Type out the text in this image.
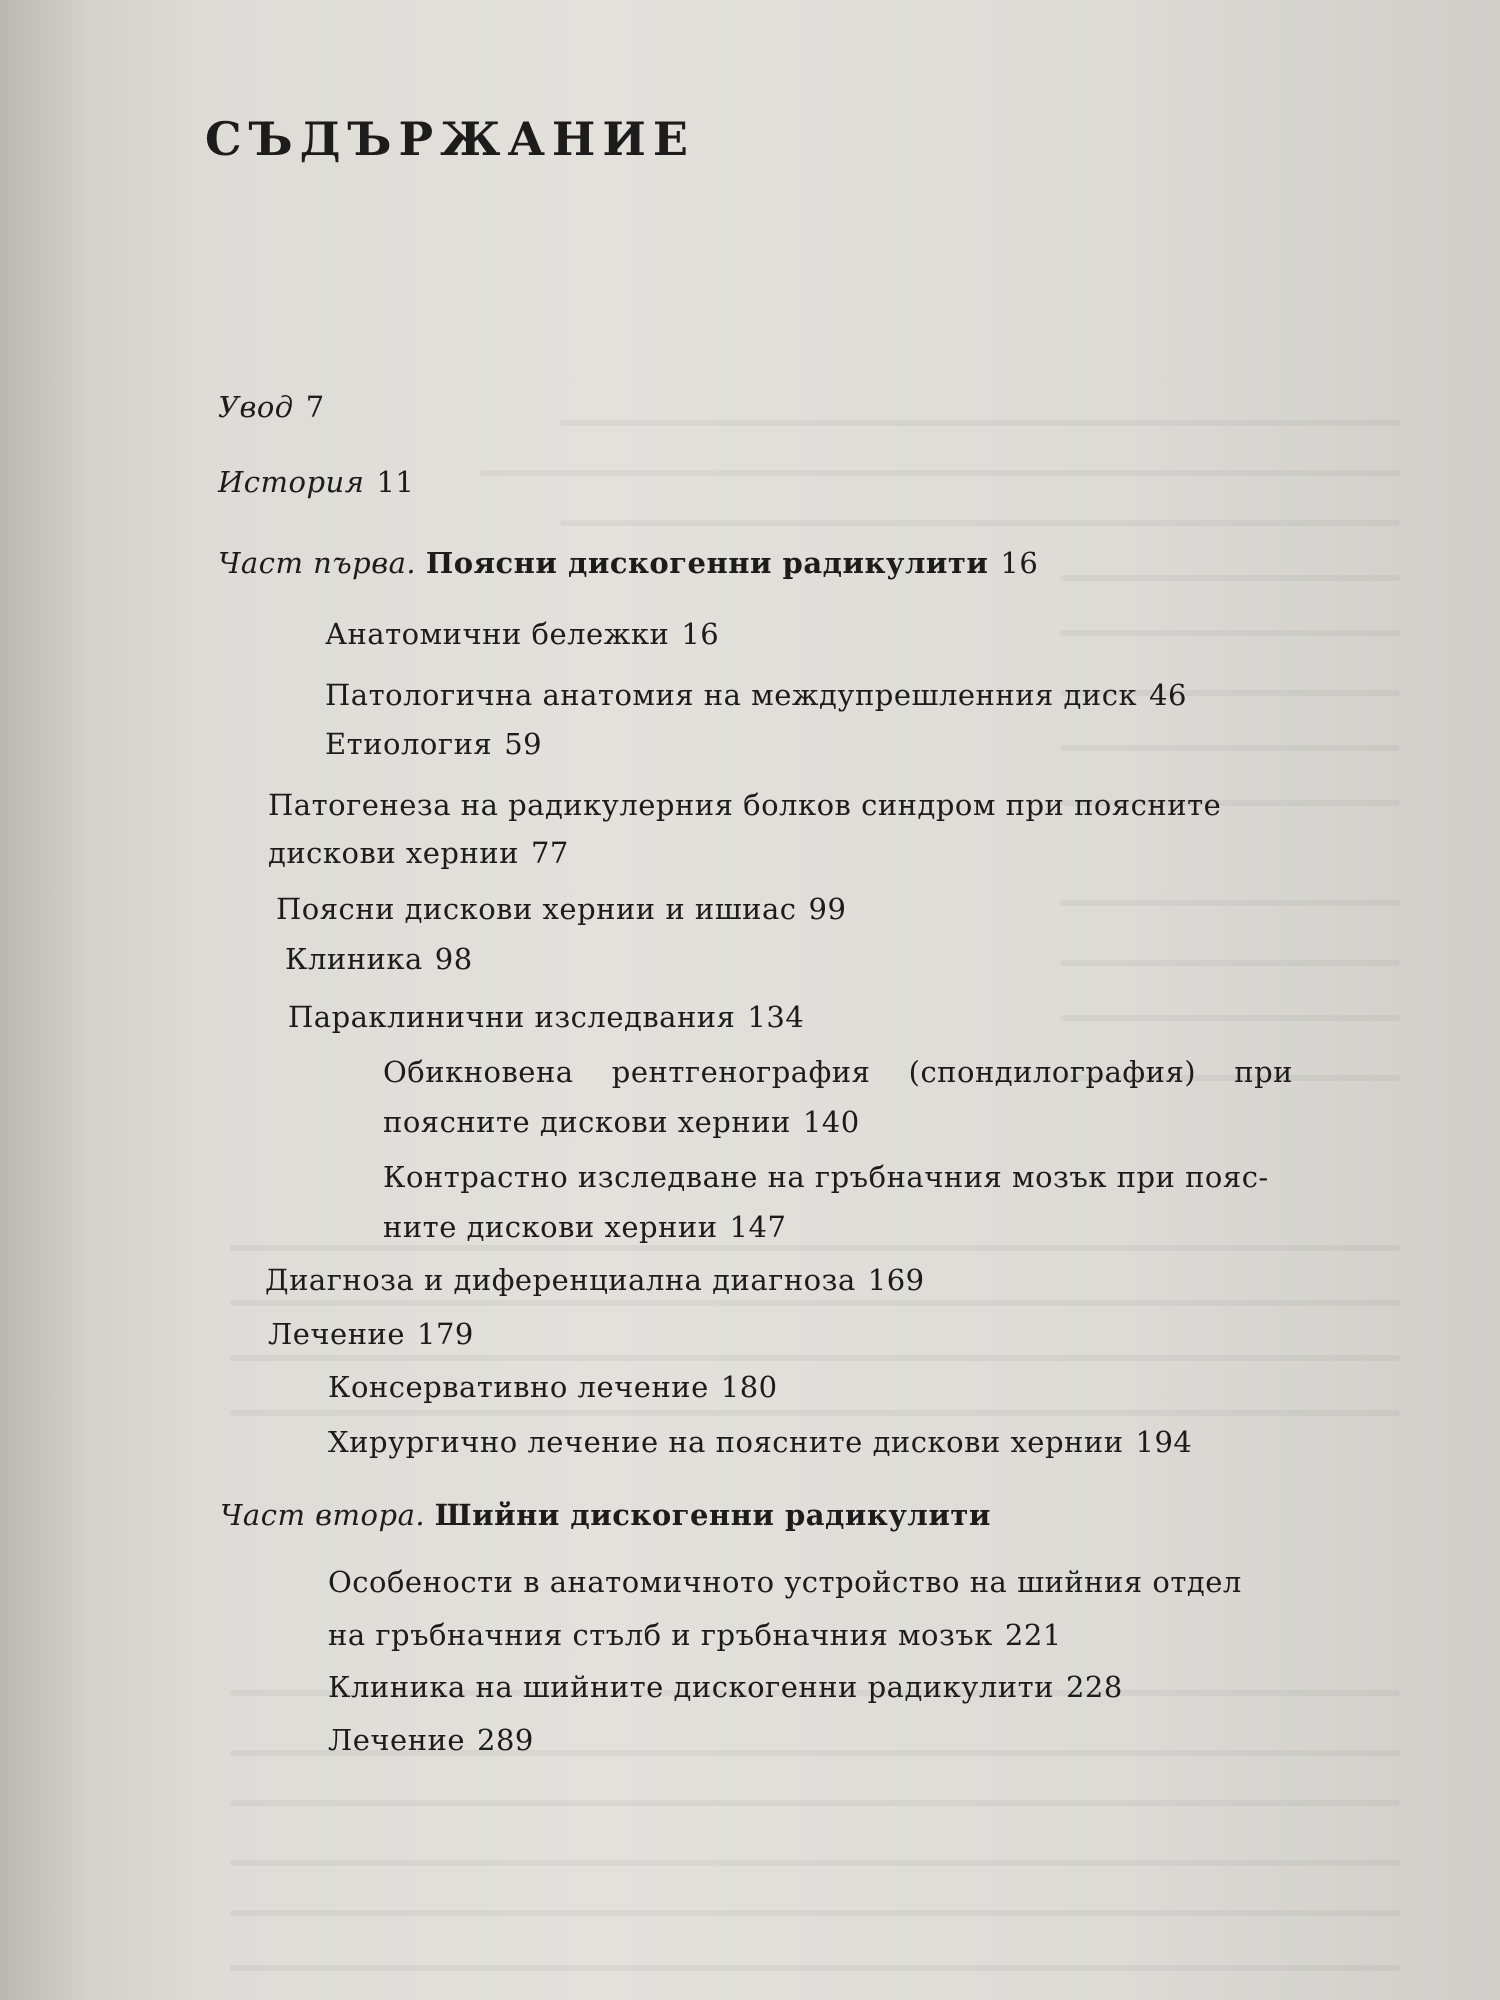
СЪДЪРЖАНИЕ
Увод 7
История 11
Част първа. Поясни дискогенни радикулити 16
Анатомични бележки 16
Патологична анатомия на междупрешленния диск 46
Етиология 59
Патогенеза на радикулерния болков синдром при поясните
дискови хернии 77
Поясни дискови хернии и ишиас 99
Клиника 98
Параклинични изследвания 134
Обикновена рентгенография (спондилография) при
поясните дискови хернии 140
Контрастно изследване на гръбначния мозък при пояс-
ните дискови хернии 147
Диагноза и диференциална диагноза 169
Лечение 179
Консервативно лечение 180
Хирургично лечение на поясните дискови хернии 194
Част втора. Шийни дискогенни радикулити
Особености в анатомичното устройство на шийния отдел
на гръбначния стълб и гръбначния мозък 221
Клиника на шийните дискогенни радикулити 228
Лечение 289
